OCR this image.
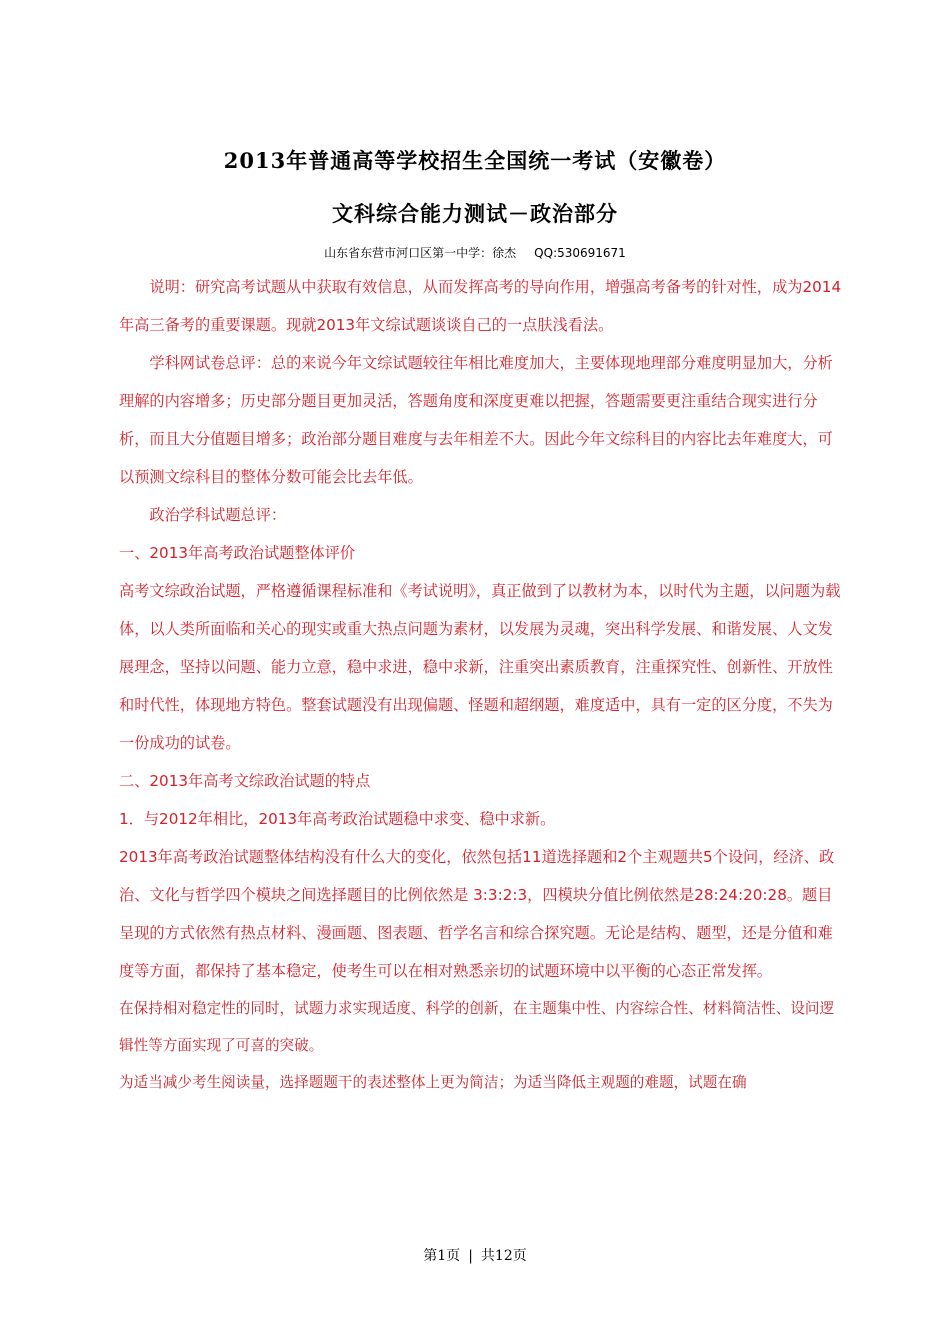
2013年普通高等学校招生全国统一考试（安徽卷）
文科综合能力测试－政治部分
山东省东营市河口区第一中学：徐杰 QQ:530691671

说明：研究高考试题从中获取有效信息，从而发挥高考的导向作用，增强高考备考的针对性，成为2014年高三备考的重要课题。现就2013年文综试题谈谈自己的一点肤浅看法。

学科网试卷总评：总的来说今年文综试题较往年相比难度加大，主要体现地理部分难度明显加大，分析理解的内容增多；历史部分题目更加灵活，答题角度和深度更难以把握，答题需要更注重结合现实进行分析，而且大分值题目增多；政治部分题目难度与去年相差不大。因此今年文综科目的内容比去年难度大，可以预测文综科目的整体分数可能会比去年低。

政治学科试题总评：

一、2013年高考政治试题整体评价

高考文综政治试题，严格遵循课程标准和《考试说明》，真正做到了以教材为本，以时代为主题，以问题为载体，以人类所面临和关心的现实或重大热点问题为素材，以发展为灵魂，突出科学发展、和谐发展、人文发展理念，坚持以问题、能力立意，稳中求进，稳中求新，注重突出素质教育，注重探究性、创新性、开放性和时代性，体现地方特色。整套试题没有出现偏题、怪题和超纲题，难度适中，具有一定的区分度，不失为一份成功的试卷。

二、2013年高考文综政治试题的特点

1．与2012年相比，2013年高考政治试题稳中求变、稳中求新。

2013年高考政治试题整体结构没有什么大的变化，依然包括11道选择题和2个主观题共5个设问，经济、政治、文化与哲学四个模块之间选择题目的比例依然是 3:3:2:3，四模块分值比例依然是28:24:20:28。题目呈现的方式依然有热点材料、漫画题、图表题、哲学名言和综合探究题。无论是结构、题型，还是分值和难度等方面，都保持了基本稳定，使考生可以在相对熟悉亲切的试题环境中以平衡的心态正常发挥。

在保持相对稳定性的同时，试题力求实现适度、科学的创新，在主题集中性、内容综合性、材料简洁性、设问逻辑性等方面实现了可喜的突破。

为适当减少考生阅读量，选择题题干的表述整体上更为简洁；为适当降低主观题的难题，试题在确

第1页 | 共12页
